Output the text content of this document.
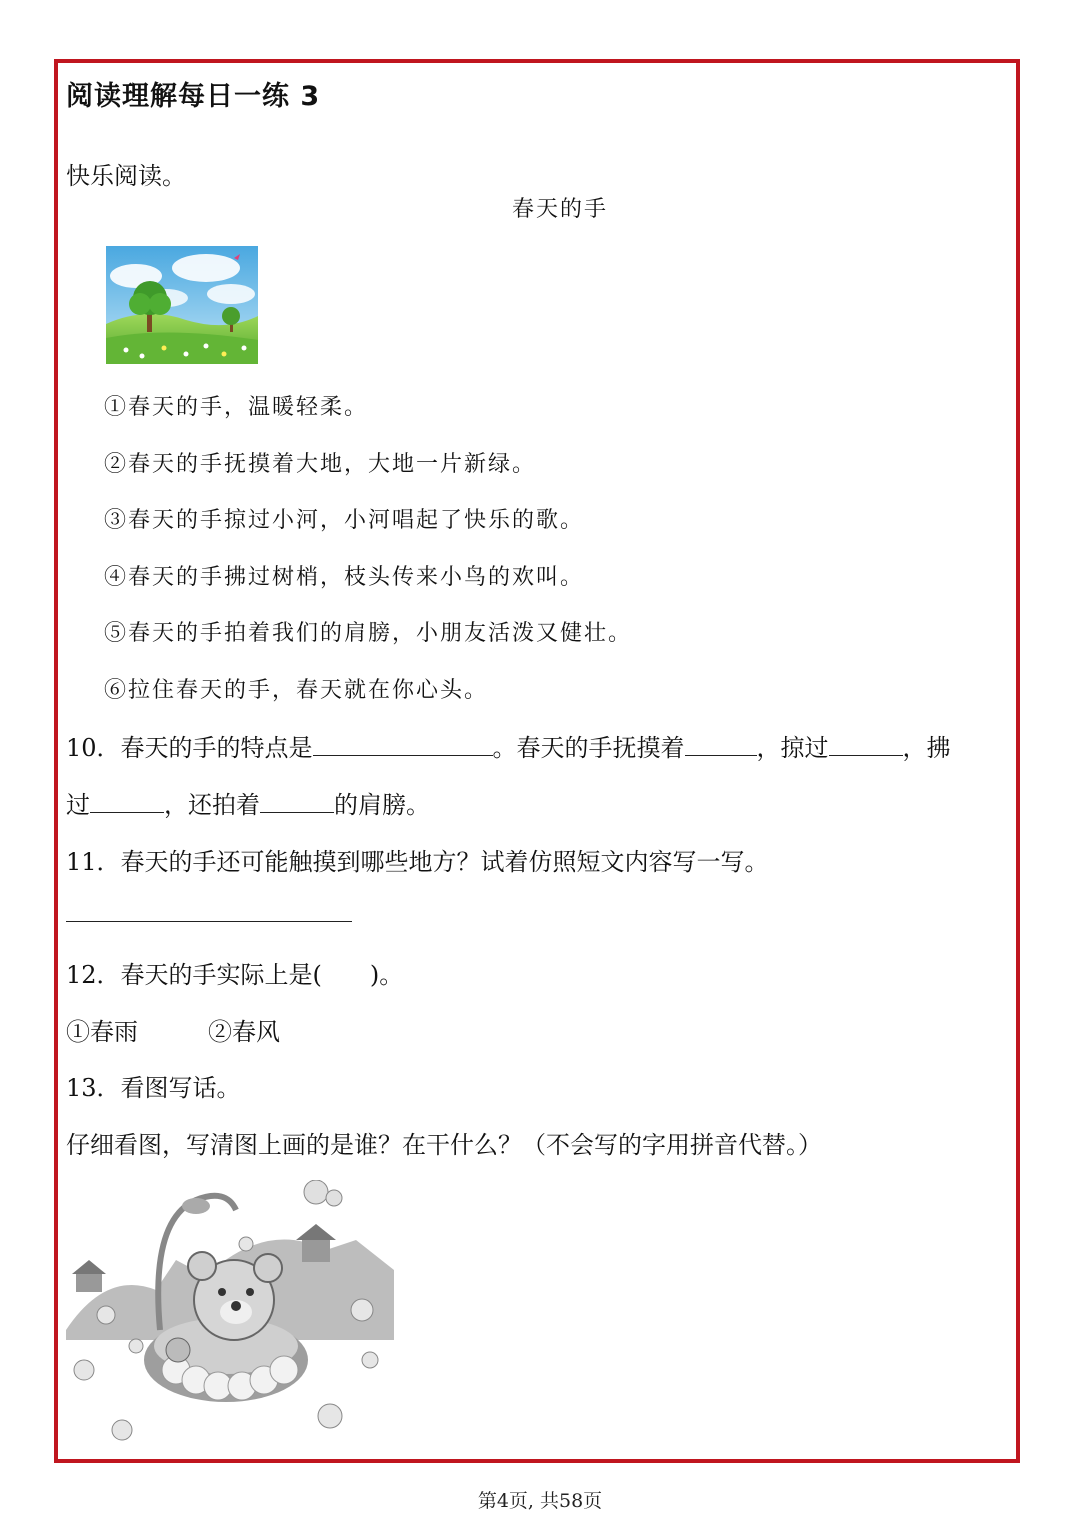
阅读理解每日一练 3
快乐阅读。
春天的手
①春天的手，温暖轻柔。
②春天的手抚摸着大地，大地一片新绿。
③春天的手掠过小河，小河唱起了快乐的歌。
④春天的手拂过树梢，枝头传来小鸟的欢叫。
⑤春天的手拍着我们的肩膀，小朋友活泼又健壮。
⑥拉住春天的手，春天就在你心头。
10．春天的手的特点是	。春天的手抚摸着	，掠过	，拂
过	，还拍着	的肩膀。
11．春天的手还可能触摸到哪些地方？试着仿照短文内容写一写。
12．春天的手实际上是(　　)。
①春雨	②春风
13．看图写话。
仔细看图，写清图上画的是谁？在干什么？（不会写的字用拼音代替。）
第4页, 共58页
